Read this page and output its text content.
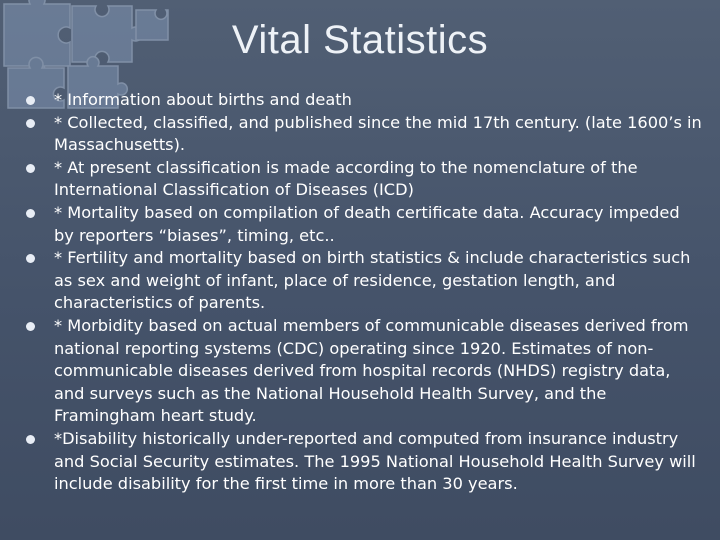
Vital Statistics
* Information about births and death
* Collected, classified, and published since the mid 17th century. (late 1600’s in Massachusetts).
* At present classification is made according to the nomenclature of the International Classification of Diseases (ICD)
* Mortality based on compilation of death certificate data. Accuracy impeded by reporters “biases”, timing, etc..
* Fertility and mortality based on birth statistics & include characteristics such as sex and weight of infant, place of residence, gestation length, and characteristics of parents.
* Morbidity based on actual members of communicable diseases derived from national reporting systems (CDC) operating since 1920. Estimates of non-communicable diseases derived from hospital records (NHDS) registry data, and surveys such as the National Household Health Survey, and the Framingham heart study.
*Disability historically under-reported and computed from insurance industry and Social Security estimates. The 1995 National Household Health Survey will include disability for the first time in more than 30 years.
